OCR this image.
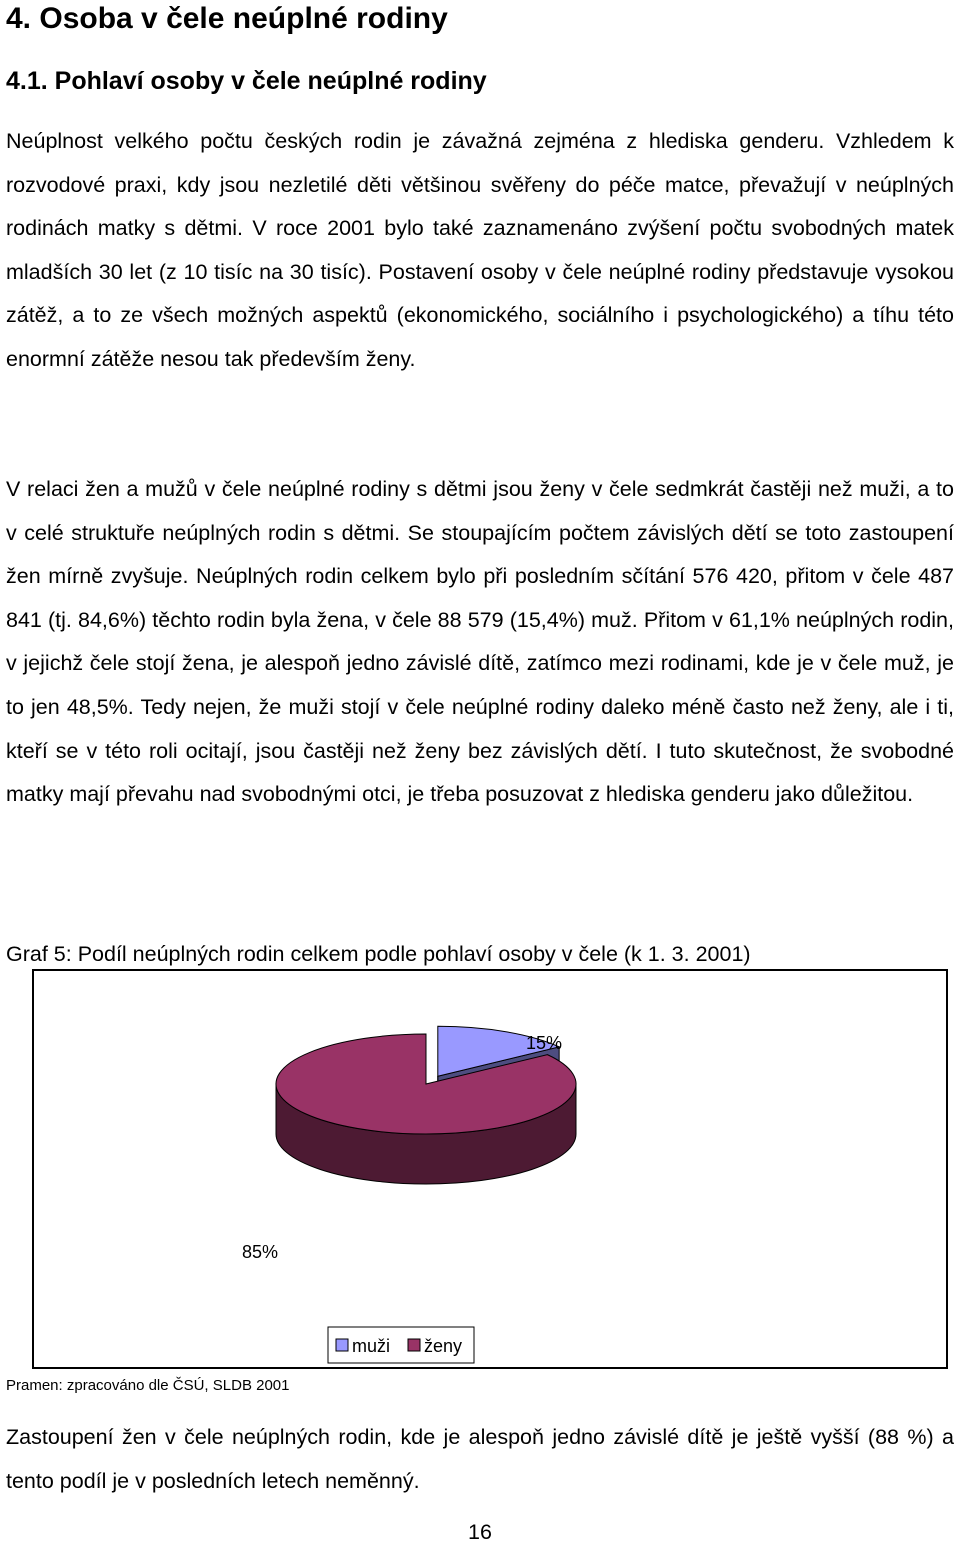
4. Osoba v čele neúplné rodiny
4.1. Pohlaví osoby v čele neúplné rodiny

Neúplnost velkého počtu českých rodin je závažná zejména z hlediska genderu. Vzhledem k rozvodové praxi, kdy jsou nezletilé děti většinou svěřeny do péče matce, převažují v neúplných rodinách matky s dětmi. V roce 2001 bylo také zaznamenáno zvýšení počtu svobodných matek mladších 30 let (z 10 tisíc na 30 tisíc). Postavení osoby v čele neúplné rodiny představuje vysokou zátěž, a to ze všech možných aspektů (ekonomického, sociálního i psychologického) a tíhu této enormní zátěže nesou tak především ženy.

V relaci žen a mužů v čele neúplné rodiny s dětmi jsou ženy v čele sedmkrát častěji než muži, a to v celé struktuře neúplných rodin s dětmi. Se stoupajícím počtem závislých dětí se toto zastoupení žen mírně zvyšuje. Neúplných rodin celkem bylo při posledním sčítání 576 420, přitom v čele 487 841 (tj. 84,6%) těchto rodin byla žena, v čele 88 579 (15,4%) muž. Přitom v 61,1% neúplných rodin, v jejichž čele stojí žena, je alespoň jedno závislé dítě, zatímco mezi rodinami, kde je v čele muž, je to jen 48,5%. Tedy nejen, že muži stojí v čele neúplné rodiny daleko méně často než ženy, ale i ti, kteří se v této roli ocitají, jsou častěji než ženy bez závislých dětí. I tuto skutečnost, že svobodné matky mají převahu nad svobodnými otci, je třeba posuzovat z hlediska genderu jako důležitou.

Graf 5: Podíl neúplných rodin celkem podle pohlaví osoby v čele (k 1. 3. 2001)

15%
85%
muži ženy

Pramen: zpracováno dle ČSÚ, SLDB 2001

Zastoupení žen v čele neúplných rodin, kde je alespoň jedno závislé dítě je ještě vyšší (88 %) a tento podíl je v posledních letech neměnný.

16
